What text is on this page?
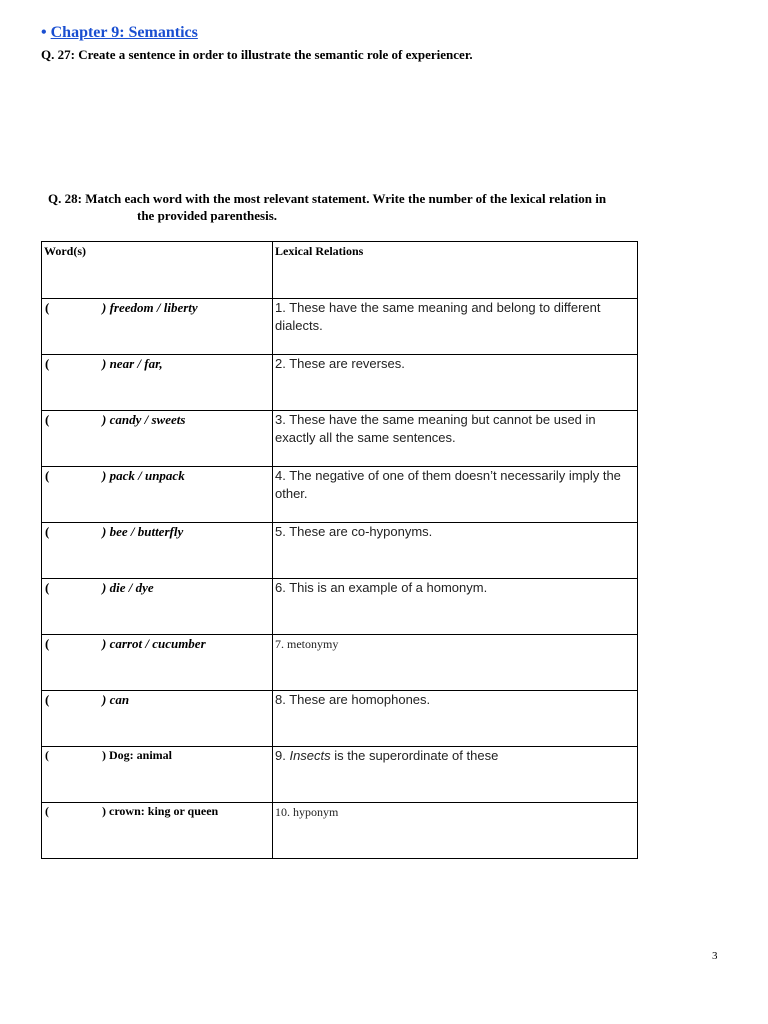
• Chapter 9: Semantics
Q. 27: Create a sentence in order to illustrate the semantic role of experiencer.
Q. 28: Match each word with the most relevant statement. Write the number of the lexical relation in
the provided parenthesis.
Word(s)	Lexical Relations

( ) freedom / liberty	1. These have the same meaning and belong to different dialects.

( ) near / far,	2. These are reverses.

( ) candy / sweets	3. These have the same meaning but cannot be used in exactly all the same sentences.

( ) pack / unpack	4. The negative of one of them doesn’t necessarily imply the other.

( ) bee / butterfly	5. These are co-hyponyms.

( ) die / dye	6. This is an example of a homonym.

( ) carrot / cucumber	7. metonymy

( ) can	8. These are homophones.

( ) Dog: animal	9. Insects is the superordinate of these

( ) crown: king or queen	10. hyponym
3
